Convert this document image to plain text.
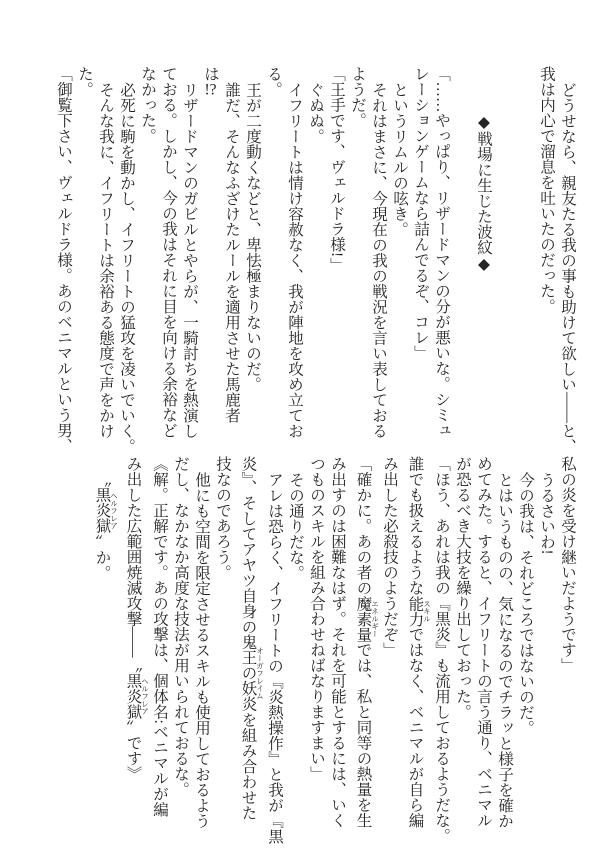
どうせなら、親友たる我の事も助けて欲しい――と、
我は内心で溜息を吐いたのだった。
◆戦場に生じた波紋◆
「……やっぱり、リザードマンの分が悪いな。シミュ
レーションゲームなら詰んでるぞ、コレ」
というリムルの呟き。
それはまさに、今現在の我の戦況を言い表しておる
ようだ。
「王手です、ヴェルドラ様!」
ぐぬぬ。
イフリートは情け容赦なく、我が陣地を攻め立てお
る。
王が二度動くなどと、卑怯極まりないのだ。
誰だ、そんなふざけたルールを適用させた馬鹿者
は!?
リザードマンのガビルとやらが、一騎討ちを熱演し
ておる。しかし、今の我はそれに目を向ける余裕など
なかった。
必死に駒を動かし、イフリートの猛攻を凌いでいく。
そんな我に、イフリートは余裕ある態度で声をかけ
た。
「御覧下さい、ヴェルドラ様。あのベニマルという男、
私の炎を受け継いだようです」
うるさいわ!
今の我は、それどころではないのだ。
とはいうものの、気になるのでチラッと様子を確か
めてみた。すると、イフリートの言う通り、ベニマル
が恐るべき大技を繰り出しておった。
「ほう、あれは我の『黒炎』も流用しておるようだな。
誰でも扱えるような能力 スキルではなく、ベニマルが自ら編
み出した必殺技のようだぞ」
「確かに。あの者の魔素量 エネルギーでは、私と同等の熱量を生
み出すのは困難なはず。それを可能とするには、いく
つものスキルを組み合わせねばなりますまい」
その通りだな。
アレは恐らく、イフリートの『炎熱操作』と我が『黒
炎』、そしてアヤツ自身の鬼王の妖炎 オーガフレイムを組み合わせた
技なのであろう。
他にも空間を限定させるスキルも使用しておるよう
だし、なかなか高度な技法が用いられておるな。
《解。正解です。あの攻撃は、個体名:ベニマルが編
み出した広範囲焼滅攻撃――〝黒炎獄 ヘルフレア〟です》
〝黒炎獄 ヘルフレア〟か。
